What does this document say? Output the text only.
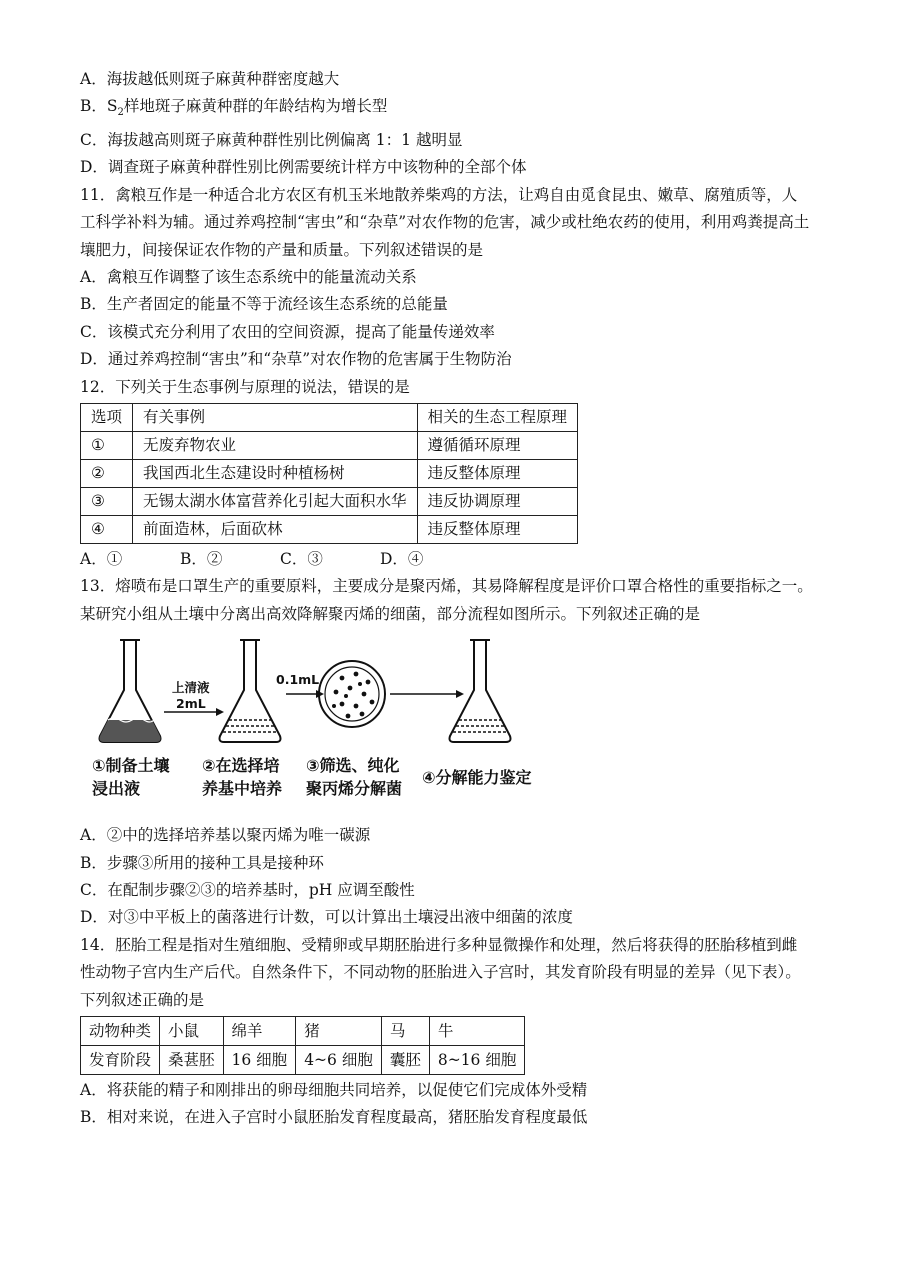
A．海拔越低则斑子麻黄种群密度越大

B．$S_2$样地斑子麻黄种群的年龄结构为增长型

C．海拔越高则斑子麻黄种群性别比例偏离 1：1 越明显

D．调查斑子麻黄种群性别比例需要统计样方中该物种的全部个体

11．禽粮互作是一种适合北方农区有机玉米地散养柴鸡的方法，让鸡自由觅食昆虫、嫩草、腐殖质等，人

工科学补料为辅。通过养鸡控制“害虫”和“杂草”对农作物的危害，减少或杜绝农药的使用，利用鸡粪提高土

壤肥力，间接保证农作物的产量和质量。下列叙述错误的是

A．禽粮互作调整了该生态系统中的能量流动关系

B．生产者固定的能量不等于流经该生态系统的总能量

C．该模式充分利用了农田的空间资源，提高了能量传递效率

D．通过养鸡控制“害虫”和“杂草”对农作物的危害属于生物防治

12．下列关于生态事例与原理的说法，错误的是

选项	有关事例	相关的生态工程原理
①	无废弃物农业	遵循循环原理
②	我国西北生态建设时种植杨树	违反整体原理
③	无锡太湖水体富营养化引起大面积水华	违反协调原理
④	前面造林，后面砍林	违反整体原理
A．①	B．②	C．③	D．④

13．熔喷布是口罩生产的重要原料，主要成分是聚丙烯，其易降解程度是评价口罩合格性的重要指标之一。

某研究小组从土壤中分离出高效降解聚丙烯的细菌，部分流程如图所示。下列叙述正确的是

上清液
2mL
0.1mL
①制备土壤
浸出液
②在选择培
养基中培养
③筛选、纯化
聚丙烯分解菌
④分解能力鉴定

A．②中的选择培养基以聚丙烯为唯一碳源

B．步骤③所用的接种工具是接种环

C．在配制步骤②③的培养基时，pH 应调至酸性

D．对③中平板上的菌落进行计数，可以计算出土壤浸出液中细菌的浓度

14．胚胎工程是指对生殖细胞、受精卵或早期胚胎进行多种显微操作和处理，然后将获得的胚胎移植到雌

性动物子宫内生产后代。自然条件下，不同动物的胚胎进入子宫时，其发育阶段有明显的差异（见下表）。

下列叙述正确的是

动物种类	小鼠	绵羊	猪	马	牛
发育阶段	桑葚胚	16 细胞	4~6 细胞	囊胚	8~16 细胞

A．将获能的精子和刚排出的卵母细胞共同培养，以促使它们完成体外受精

B．相对来说，在进入子宫时小鼠胚胎发育程度最高，猪胚胎发育程度最低
